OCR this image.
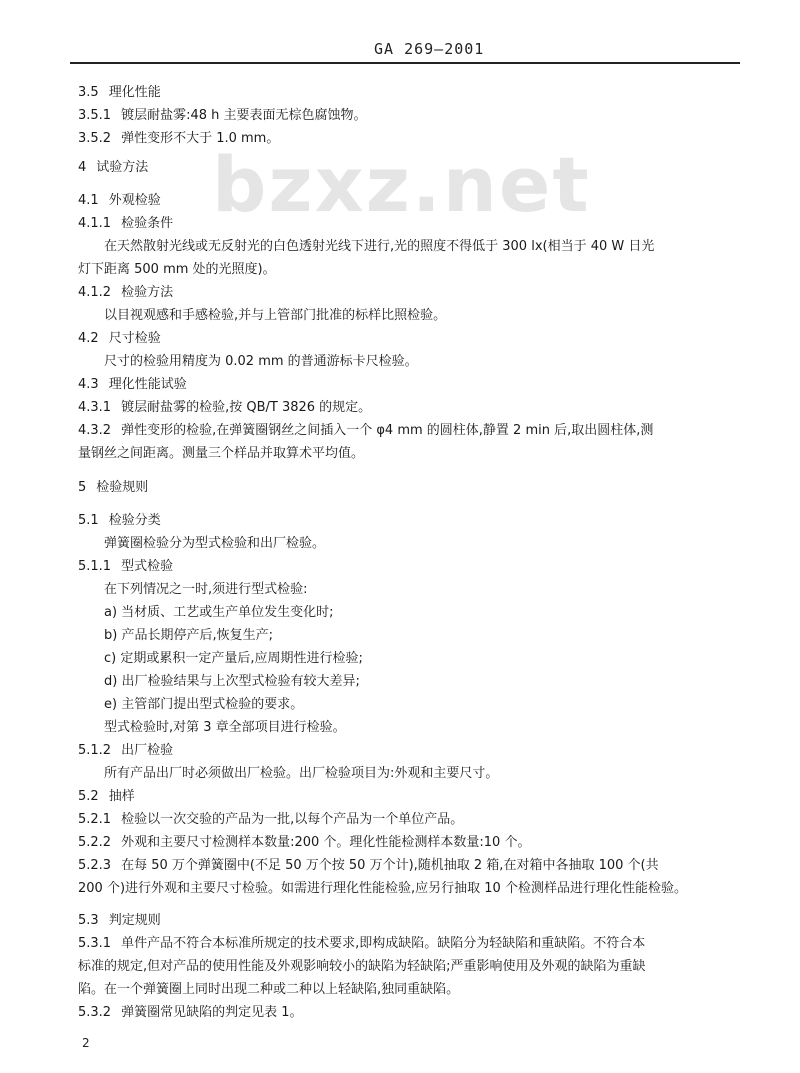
GA 269—2001
bzxz.net
3.5 理化性能
3.5.1 镀层耐盐雾:48 h 主要表面无棕色腐蚀物。
3.5.2 弹性变形不大于 1.0 mm。
4 试验方法
4.1 外观检验
4.1.1 检验条件
在天然散射光线或无反射光的白色透射光线下进行,光的照度不得低于 300 lx(相当于 40 W 日光
灯下距离 500 mm 处的光照度)。
4.1.2 检验方法
以目视观感和手感检验,并与上管部门批准的标样比照检验。
4.2 尺寸检验
尺寸的检验用精度为 0.02 mm 的普通游标卡尺检验。
4.3 理化性能试验
4.3.1 镀层耐盐雾的检验,按 QB/T 3826 的规定。
4.3.2 弹性变形的检验,在弹簧圈钢丝之间插入一个 φ4 mm 的圆柱体,静置 2 min 后,取出圆柱体,测
量钢丝之间距离。测量三个样品并取算术平均值。
5 检验规则
5.1 检验分类
弹簧圈检验分为型式检验和出厂检验。
5.1.1 型式检验
在下列情况之一时,须进行型式检验:
a) 当材质、工艺或生产单位发生变化时;
b) 产品长期停产后,恢复生产;
c) 定期或累积一定产量后,应周期性进行检验;
d) 出厂检验结果与上次型式检验有较大差异;
e) 主管部门提出型式检验的要求。
型式检验时,对第 3 章全部项目进行检验。
5.1.2 出厂检验
所有产品出厂时必须做出厂检验。出厂检验项目为:外观和主要尺寸。
5.2 抽样
5.2.1 检验以一次交验的产品为一批,以每个产品为一个单位产品。
5.2.2 外观和主要尺寸检测样本数量:200 个。理化性能检测样本数量:10 个。
5.2.3 在每 50 万个弹簧圈中(不足 50 万个按 50 万个计),随机抽取 2 箱,在对箱中各抽取 100 个(共
200 个)进行外观和主要尺寸检验。如需进行理化性能检验,应另行抽取 10 个检测样品进行理化性能检验。
5.3 判定规则
5.3.1 单件产品不符合本标准所规定的技术要求,即构成缺陷。缺陷分为轻缺陷和重缺陷。不符合本
标准的规定,但对产品的使用性能及外观影响较小的缺陷为轻缺陷;严重影响使用及外观的缺陷为重缺
陷。在一个弹簧圈上同时出现二种或二种以上轻缺陷,独同重缺陷。
5.3.2 弹簧圈常见缺陷的判定见表 1。
2
